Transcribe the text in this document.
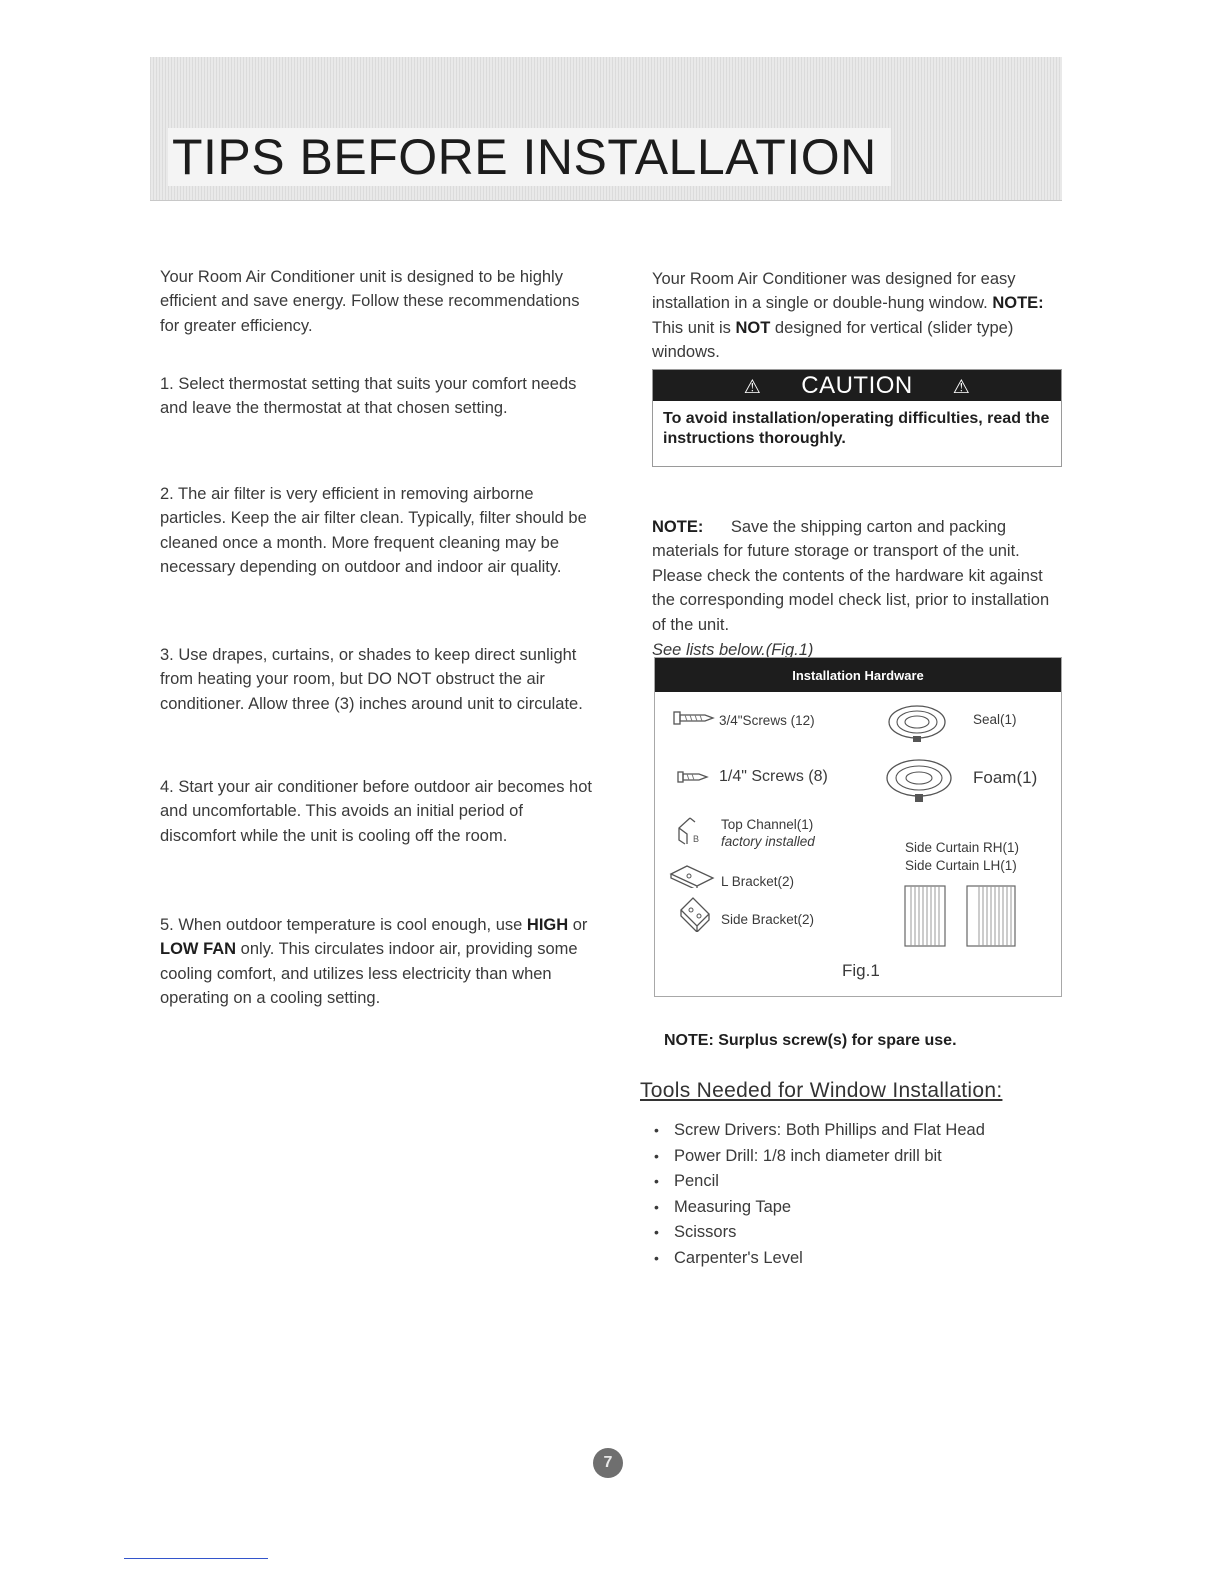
TIPS BEFORE INSTALLATION

Your Room Air Conditioner unit is designed to be highly efficient and save energy. Follow these recommendations for greater efficiency.

1. Select thermostat setting that suits your comfort needs and leave the thermostat at that chosen setting.

2. The air filter is very efficient in removing airborne particles. Keep the air filter clean. Typically, filter should be cleaned once a month. More frequent cleaning may be necessary depending on outdoor and indoor air quality.

3. Use drapes, curtains, or shades to keep direct sunlight from heating your room, but DO NOT obstruct the air conditioner. Allow three (3) inches around unit to circulate.

4. Start your air conditioner before outdoor air becomes hot and uncomfortable. This avoids an initial period of discomfort while the unit is cooling off the room.

5. When outdoor temperature is cool enough, use HIGH or LOW FAN only. This circulates indoor air, providing some cooling comfort, and utilizes less electricity than when operating on a cooling setting.

Your Room Air Conditioner was designed for easy installation in a single or double-hung window. NOTE: This unit is NOT designed for vertical (slider type) windows.

⚠ CAUTION ⚠
To avoid installation/operating difficulties, read the instructions thoroughly.

NOTE: Save the shipping carton and packing materials for future storage or transport of the unit. Please check the contents of the hardware kit against the corresponding model check list, prior to installation of the unit.

See lists below.(Fig.1)

Installation Hardware
3/4"Screws (12)
1/4" Screws (8)
B
Top Channel(1)
factory installed
L Bracket(2)
Side Bracket(2)
Seal(1)
Foam(1)
Side Curtain RH(1)
Side Curtain LH(1)
Fig.1

NOTE: Surplus screw(s) for spare use.

Tools Needed for Window Installation:
• Screw Drivers: Both Phillips and Flat Head
• Power Drill: 1/8 inch diameter drill bit
• Pencil
• Measuring Tape
• Scissors
• Carpenter's Level
7
